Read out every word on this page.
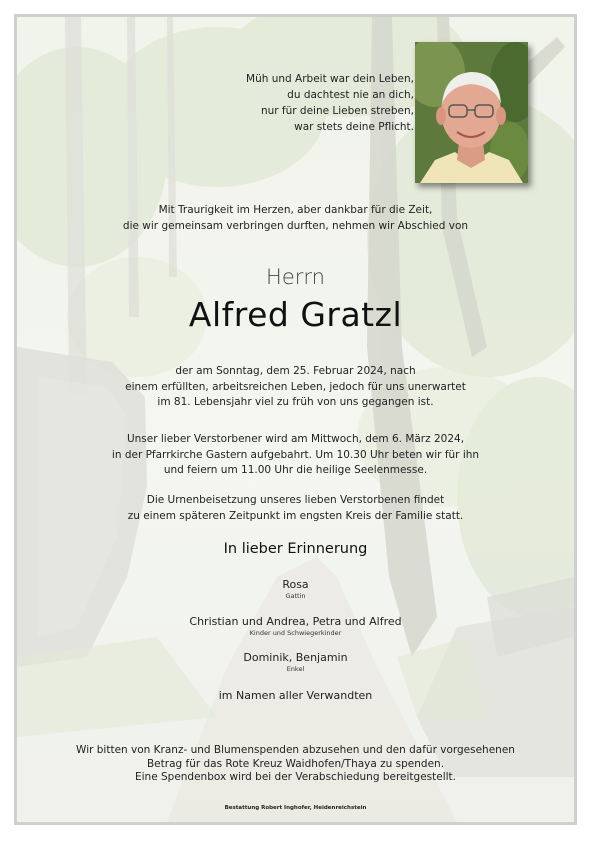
Müh und Arbeit war dein Leben,
du dachtest nie an dich,
nur für deine Lieben streben,
war stets deine Pflicht.
Mit Traurigkeit im Herzen, aber dankbar für die Zeit,
die wir gemeinsam verbringen durften, nehmen wir Abschied von
Herrn
Alfred Gratzl
der am Sonntag, dem 25. Februar 2024, nach
einem erfüllten, arbeitsreichen Leben, jedoch für uns unerwartet
im 81. Lebensjahr viel zu früh von uns gegangen ist.
Unser lieber Verstorbener wird am Mittwoch, dem 6. März 2024,
in der Pfarrkirche Gastern aufgebahrt. Um 10.30 Uhr beten wir für ihn
und feiern um 11.00 Uhr die heilige Seelenmesse.
Die Urnenbeisetzung unseres lieben Verstorbenen findet
zu einem späteren Zeitpunkt im engsten Kreis der Familie statt.
In lieber Erinnerung
Rosa
Gattin
Christian und Andrea, Petra und Alfred
Kinder und Schwiegerkinder
Dominik, Benjamin
Enkel
im Namen aller Verwandten
Wir bitten von Kranz- und Blumenspenden abzusehen und den dafür vorgesehenen
Betrag für das Rote Kreuz Waidhofen/Thaya zu spenden.
Eine Spendenbox wird bei der Verabschiedung bereitgestellt.
Bestattung Robert Inghofer, Heidenreichstein
